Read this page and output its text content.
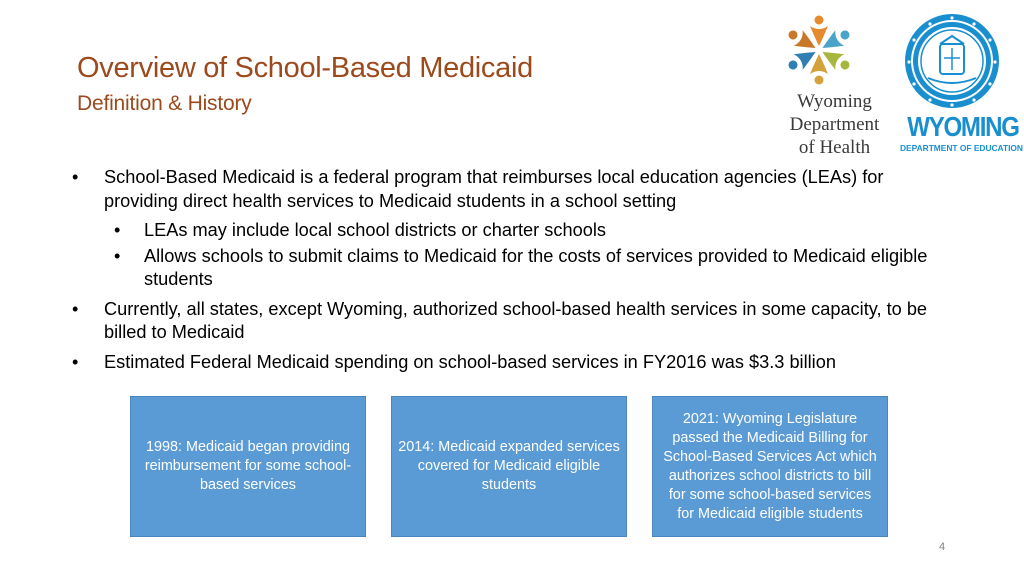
Overview of School-Based Medicaid
Definition & History	Wyoming
Department
of Health
WYOMING
DEPARTMENT OF EDUCATION
• School-Based Medicaid is a federal program that reimburses local education agencies (LEAs) for providing direct health services to Medicaid students in a school setting
• LEAs may include local school districts or charter schools
• Allows schools to submit claims to Medicaid for the costs of services provided to Medicaid eligible students
• Currently, all states, except Wyoming, authorized school-based health services in some capacity, to be billed to Medicaid
• Estimated Federal Medicaid spending on school-based services in FY2016 was $3.3 billion
1998: Medicaid began providing reimbursement for some school-based services
2014: Medicaid expanded services covered for Medicaid eligible students
2021: Wyoming Legislature passed the Medicaid Billing for School-Based Services Act which authorizes school districts to bill for some school-based services for Medicaid eligible students
4
